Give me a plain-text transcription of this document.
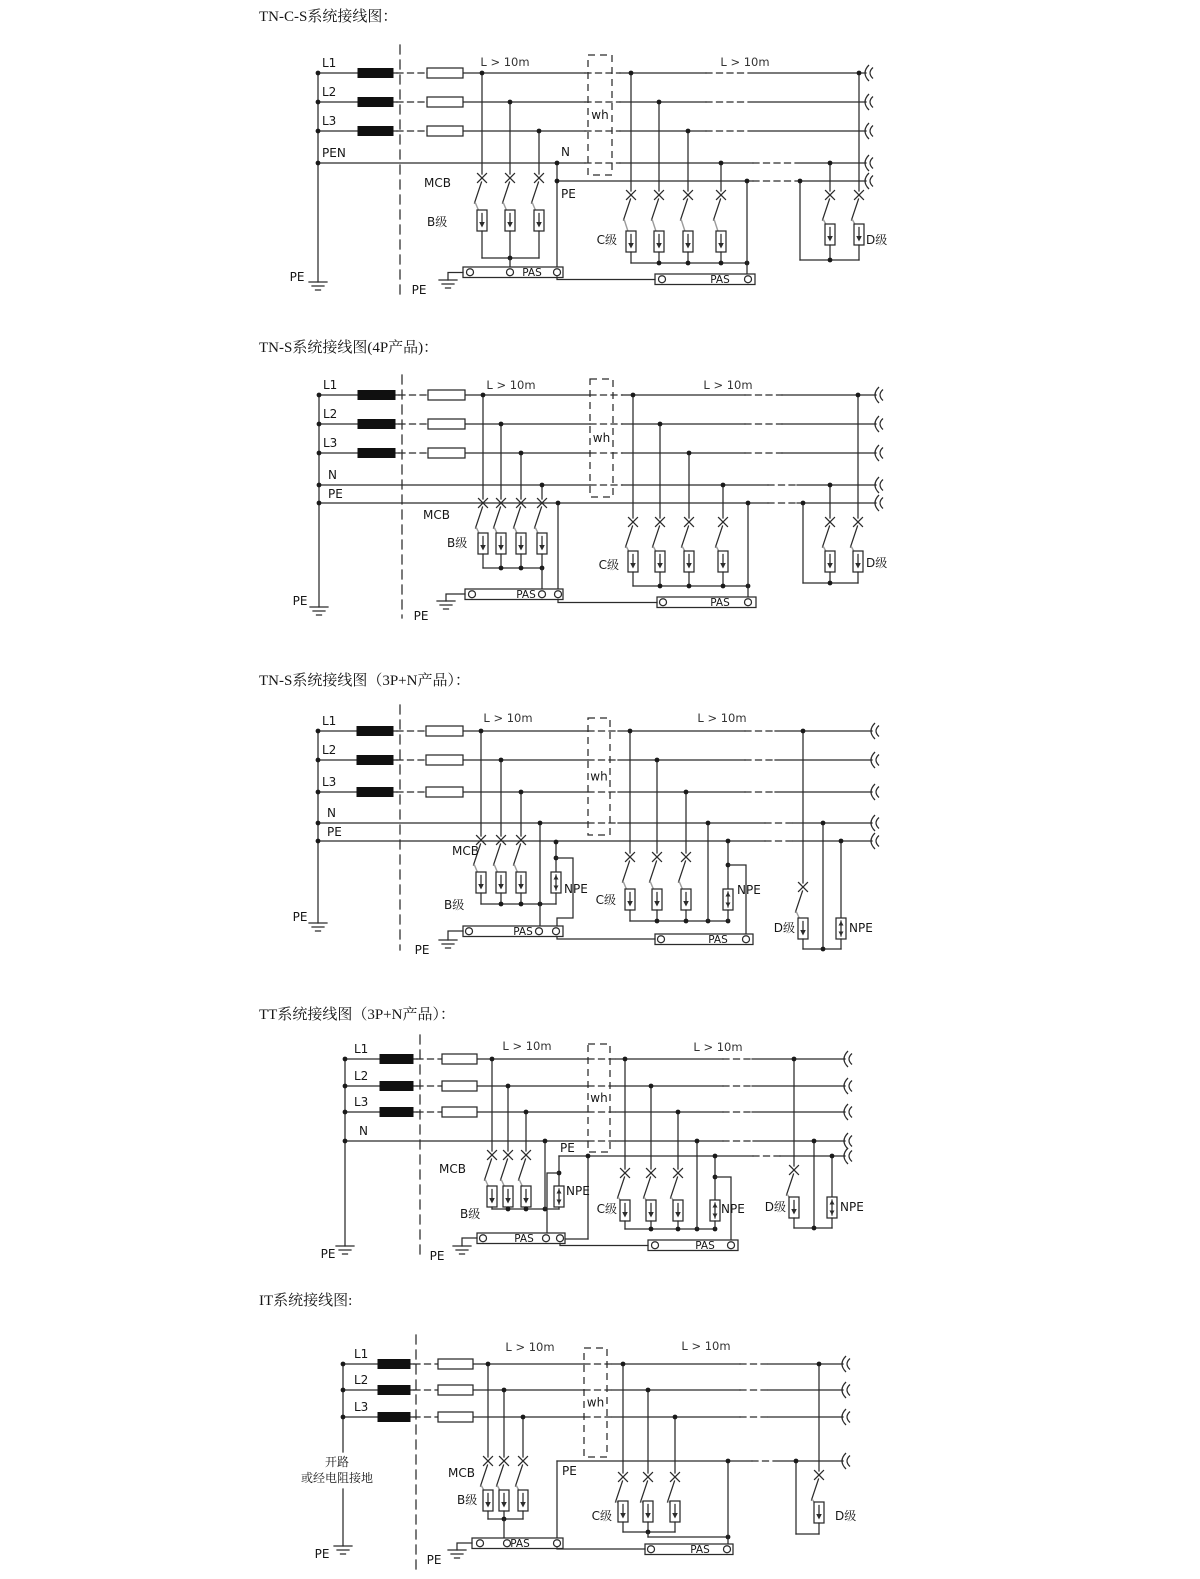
TN-C-S系统接线图：
wh
L1
L2
L3
PEN
L > 10m	L > 10m
PE
MCB
B级
N
PE
PAS
PE
C级
PAS
D级
TN-S系统接线图(4P产品)：
wh
L1
L2
L3
N
PE
L > 10m	L > 10m
PE
MCB
B级
PAS
PE
C级
PAS
D级
TN-S系统接线图（3P+N产品）：
wh
L1
L2
L3
N
PE
L > 10m	L > 10m
PE
MCB
B级
NPE
PAS
PE
C级
NPE
PAS
D级	NPE
TT系统接线图（3P+N产品）：
wh
L1
L2
L3
N
PE
L > 10m	L > 10m
PE
MCB
B级
NPE
PAS
PE
C级	NPE
PAS
D级	NPE
IT系统接线图:
开路
或经电阻接地
PE
wh
L1
L2
L3
L > 10m	L > 10m
MCB
B级
PE
PAS
PE
C级
PAS
D级
